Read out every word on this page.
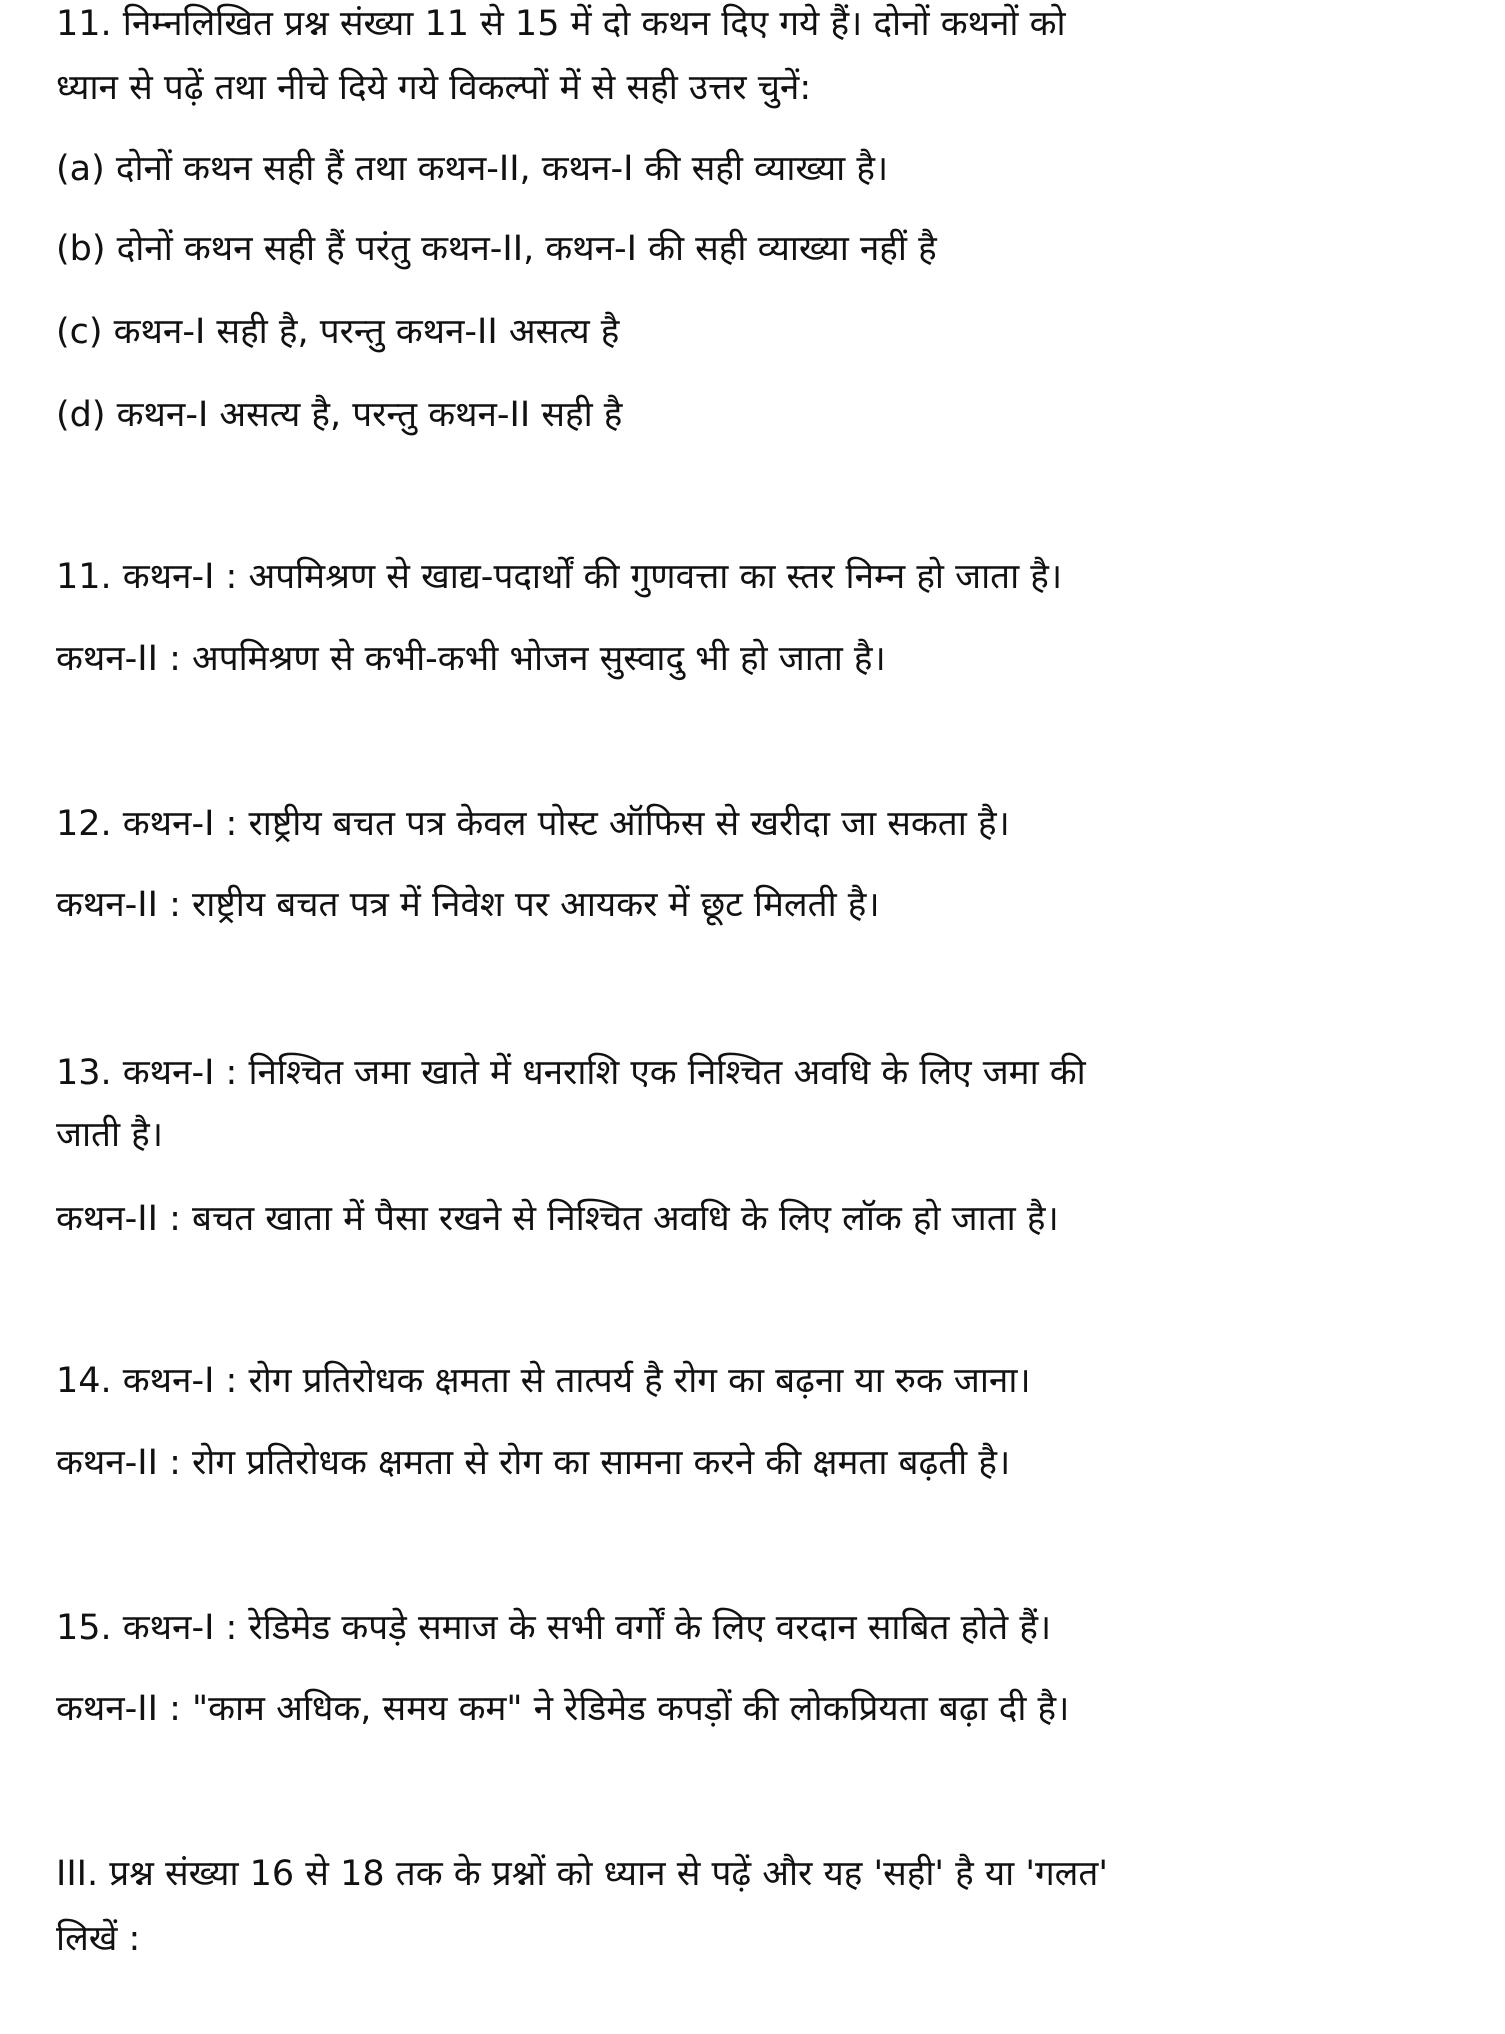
11. निम्नलिखित प्रश्न संख्या 11 से 15 में दो कथन दिए गये हैं। दोनों कथनों को
ध्यान से पढ़ें तथा नीचे दिये गये विकल्पों में से सही उत्तर चुनें:
(a) दोनों कथन सही हैं तथा कथन-II, कथन-I की सही व्याख्या है।
(b) दोनों कथन सही हैं परंतु कथन-II, कथन-I की सही व्याख्या नहीं है
(c) कथन-I सही है, परन्तु कथन-II असत्य है
(d) कथन-I असत्य है, परन्तु कथन-II सही है
11. कथन-I : अपमिश्रण से खाद्य-पदार्थों की गुणवत्ता का स्तर निम्न हो जाता है।
कथन-II : अपमिश्रण से कभी-कभी भोजन सुस्वादु भी हो जाता है।
12. कथन-I : राष्ट्रीय बचत पत्र केवल पोस्ट ऑफिस से खरीदा जा सकता है।
कथन-II : राष्ट्रीय बचत पत्र में निवेश पर आयकर में छूट मिलती है।
13. कथन-I : निश्चित जमा खाते में धनराशि एक निश्चित अवधि के लिए जमा की
जाती है।
कथन-II : बचत खाता में पैसा रखने से निश्चित अवधि के लिए लॉक हो जाता है।
14. कथन-I : रोग प्रतिरोधक क्षमता से तात्पर्य है रोग का बढ़ना या रुक जाना।
कथन-II : रोग प्रतिरोधक क्षमता से रोग का सामना करने की क्षमता बढ़ती है।
15. कथन-I : रेडिमेड कपड़े समाज के सभी वर्गों के लिए वरदान साबित होते हैं।
कथन-II : "काम अधिक, समय कम" ने रेडिमेड कपड़ों की लोकप्रियता बढ़ा दी है।
III. प्रश्न संख्या 16 से 18 तक के प्रश्नों को ध्यान से पढ़ें और यह 'सही' है या 'गलत'
लिखें :
